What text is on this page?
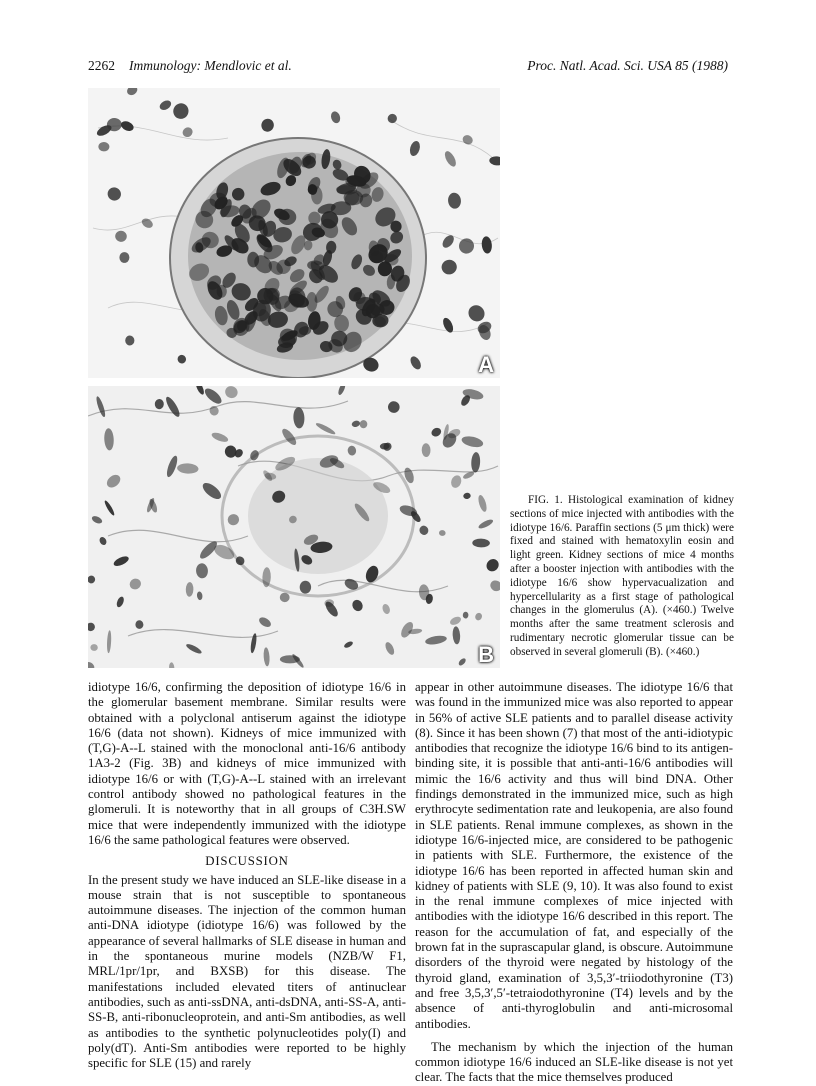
2262 Immunology: Mendlovic et al.	Proc. Natl. Acad. Sci. USA 85 (1988)
A
B
FIG. 1. Histological examination of kidney sections of mice injected with antibodies with the idiotype 16/6. Paraffin sections (5 μm thick) were fixed and stained with hematoxylin eosin and light green. Kidney sections of mice 4 months after a booster injection with antibodies with the idiotype 16/6 show hypervacualization and hypercellularity as a first stage of pathological changes in the glomerulus (A). (×460.) Twelve months after the same treatment sclerosis and rudimentary necrotic glomerular tissue can be observed in several glomeruli (B). (×460.)

idiotype 16/6, confirming the deposition of idiotype 16/6 in the glomerular basement membrane. Similar results were obtained with a polyclonal antiserum against the idiotype 16/6 (data not shown). Kidneys of mice immunized with (T,G)-A--L stained with the monoclonal anti-16/6 antibody 1A3-2 (Fig. 3B) and kidneys of mice immunized with idiotype 16/6 or with (T,G)-A--L stained with an irrelevant control antibody showed no pathological features in the glomeruli. It is noteworthy that in all groups of C3H.SW mice that were independently immunized with the idiotype 16/6 the same pathological features were observed.

DISCUSSION

In the present study we have induced an SLE-like disease in a mouse strain that is not susceptible to spontaneous autoimmune diseases. The injection of the common human anti-DNA idiotype (idiotype 16/6) was followed by the appearance of several hallmarks of SLE disease in human and in the spontaneous murine models (NZB/W F1, MRL/1pr/1pr, and BXSB) for this disease. The manifestations included elevated titers of antinuclear antibodies, such as anti-ssDNA, anti-dsDNA, anti-SS-A, anti-SS-B, anti-ribonucleoprotein, and anti-Sm antibodies, as well as antibodies to the synthetic polynucleotides poly(I) and poly(dT). Anti-Sm antibodies were reported to be highly specific for SLE (15) and rarely

appear in other autoimmune diseases. The idiotype 16/6 that was found in the immunized mice was also reported to appear in 56% of active SLE patients and to parallel disease activity (8). Since it has been shown (7) that most of the anti-idiotypic antibodies that recognize the idiotype 16/6 bind to its antigen-binding site, it is possible that anti-anti-16/6 antibodies will mimic the 16/6 activity and thus will bind DNA. Other findings demonstrated in the immunized mice, such as high erythrocyte sedimentation rate and leukopenia, are also found in SLE patients. Renal immune complexes, as shown in the idiotype 16/6-injected mice, are considered to be pathogenic in patients with SLE. Furthermore, the existence of the idiotype 16/6 has been reported in affected human skin and kidney of patients with SLE (9, 10). It was also found to exist in the renal immune complexes of mice injected with antibodies with the idiotype 16/6 described in this report. The reason for the accumulation of fat, and especially of the brown fat in the suprascapular gland, is obscure. Autoimmune disorders of the thyroid were negated by histology of the thyroid gland, examination of 3,5,3′-triiodothyronine (T3) and free 3,5,3′,5′-tetraiodothyronine (T4) levels and by the absence of anti-thyroglobulin and anti-microsomal antibodies.

The mechanism by which the injection of the human common idiotype 16/6 induced an SLE-like disease is not yet clear. The facts that the mice themselves produced
